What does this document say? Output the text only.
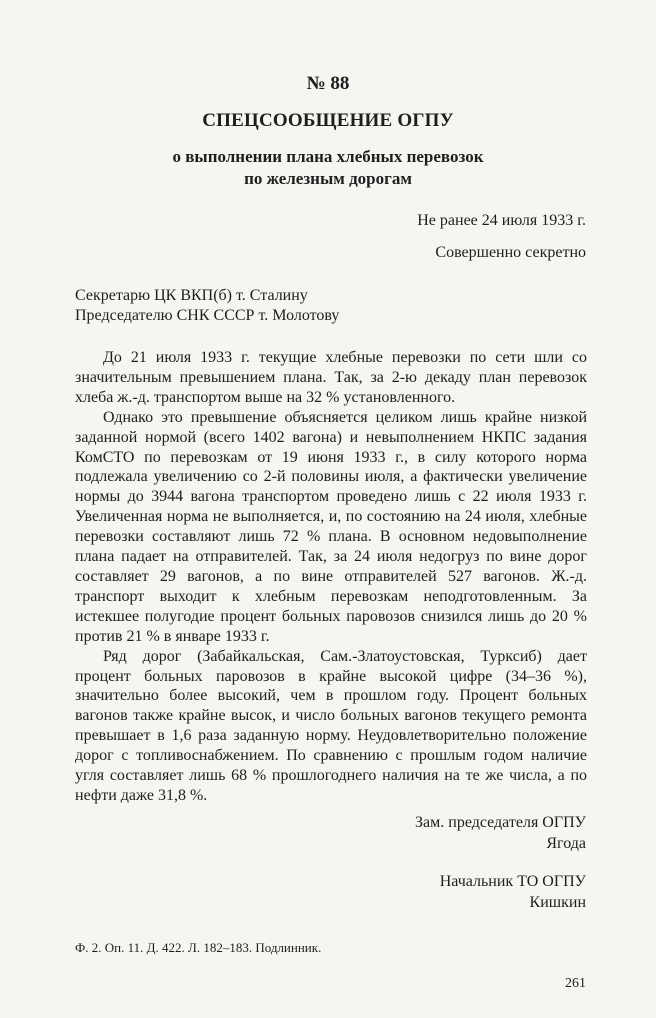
№ 88
СПЕЦСООБЩЕНИЕ ОГПУ
о выполнении плана хлебных перевозок
по железным дорогам
Не ранее 24 июля 1933 г.
Совершенно секретно
Секретарю ЦК ВКП(б) т. Сталину
Председателю СНК СССР т. Молотову

До 21 июля 1933 г. текущие хлебные перевозки по сети шли со значительным превышением плана. Так, за 2-ю декаду план перевозок хлеба ж.-д. транспортом выше на 32 % установленного.

Однако это превышение объясняется целиком лишь крайне низкой заданной нормой (всего 1402 вагона) и невыполнением НКПС задания КомСТО по перевозкам от 19 июня 1933 г., в силу которого норма подлежала увеличению со 2-й половины июля, а фактически увеличение нормы до 3944 вагона транспортом проведено лишь с 22 июля 1933 г. Увеличенная норма не выполняется, и, по состоянию на 24 июля, хлебные перевозки составляют лишь 72 % плана. В основном недовыполнение плана падает на отправителей. Так, за 24 июля недогруз по вине дорог составляет 29 вагонов, а по вине отправителей 527 вагонов. Ж.-д. транспорт выходит к хлебным перевозкам неподготовленным. За истекшее полугодие процент больных паровозов снизился лишь до 20 % против 21 % в январе 1933 г.

Ряд дорог (Забайкальская, Сам.-Златоустовская, Турксиб) дает процент больных паровозов в крайне высокой цифре (34–36 %), значительно более высокий, чем в прошлом году. Процент больных вагонов также крайне высок, и число больных вагонов текущего ремонта превышает в 1,6 раза заданную норму. Неудовлетворительно положение дорог с топливоснабжением. По сравнению с прошлым годом наличие угля составляет лишь 68 % прошлогоднего наличия на те же числа, а по нефти даже 31,8 %.

Зам. председателя ОГПУ
Ягода
Начальник ТО ОГПУ
Кишкин
Ф. 2. Оп. 11. Д. 422. Л. 182–183. Подлинник.
261
